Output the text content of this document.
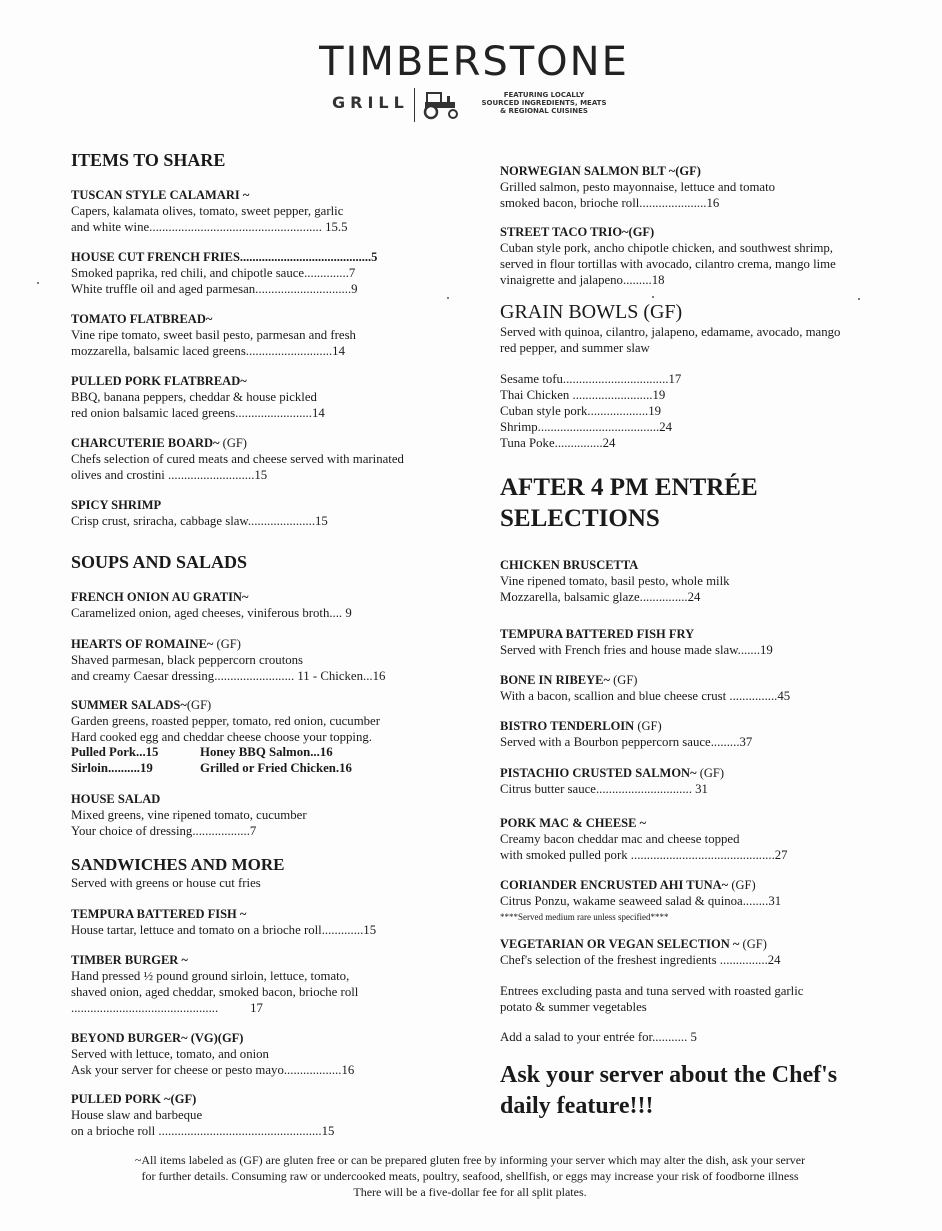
TIMBERSTONE
GRILL	FEATURING LOCALLY
SOURCED INGREDIENTS, MEATS
& REGIONAL CUISINES
ITEMS TO SHARE
TUSCAN STYLE CALAMARI ~
Capers, kalamata olives, tomato, sweet pepper, garlic
and white wine...................................................... 15.5
HOUSE CUT FRENCH FRIES..........................................5
Smoked paprika, red chili, and chipotle sauce..............7
White truffle oil and aged parmesan..............................9
TOMATO FLATBREAD~
Vine ripe tomato, sweet basil pesto, parmesan and fresh
mozzarella, balsamic laced greens...........................14
PULLED PORK FLATBREAD~
BBQ, banana peppers, cheddar & house pickled
red onion balsamic laced greens........................14
CHARCUTERIE BOARD~ (GF)
Chefs selection of cured meats and cheese served with marinated
olives and crostini ...........................15
SPICY SHRIMP
Crisp crust, sriracha, cabbage slaw.....................15
SOUPS AND SALADS
FRENCH ONION AU GRATIN~
Caramelized onion, aged cheeses, viniferous broth.... 9
HEARTS OF ROMAINE~ (GF)
Shaved parmesan, black peppercorn croutons
and creamy Caesar dressing......................... 11 - Chicken...16
SUMMER SALADS~(GF)
Garden greens, roasted pepper, tomato, red onion, cucumber
Hard cooked egg and cheddar cheese choose your topping.
Pulled Pork...15	Honey BBQ Salmon...16
Sirloin..........19	Grilled or Fried Chicken.16
HOUSE SALAD
Mixed greens, vine ripened tomato, cucumber
Your choice of dressing..................7
SANDWICHES AND MORE
Served with greens or house cut fries
TEMPURA BATTERED FISH ~
House tartar, lettuce and tomato on a brioche roll.............15
TIMBER BURGER ~
Hand pressed ½ pound ground sirloin, lettuce, tomato,
shaved onion, aged cheddar, smoked bacon, brioche roll
..............................................          17
BEYOND BURGER~ (VG)(GF)
Served with lettuce, tomato, and onion
Ask your server for cheese or pesto mayo..................16
PULLED PORK ~(GF)
House slaw and barbeque
on a brioche roll ...................................................15
NORWEGIAN SALMON BLT ~(GF)
Grilled salmon, pesto mayonnaise, lettuce and tomato
smoked bacon, brioche roll.....................16
STREET TACO TRIO~(GF)
Cuban style pork, ancho chipotle chicken, and southwest shrimp,
served in flour tortillas with avocado, cilantro crema, mango lime
vinaigrette and jalapeno.........18
GRAIN BOWLS (GF)
Served with quinoa, cilantro, jalapeno, edamame, avocado, mango
red pepper, and summer slaw
Sesame tofu.................................17
Thai Chicken .........................19
Cuban style pork...................19
Shrimp......................................24
Tuna Poke...............24
AFTER 4 PM ENTRÉE SELECTIONS
CHICKEN BRUSCETTA
Vine ripened tomato, basil pesto, whole milk
Mozzarella, balsamic glaze...............24
TEMPURA BATTERED FISH FRY
Served with French fries and house made slaw.......19
BONE IN RIBEYE~ (GF)
With a bacon, scallion and blue cheese crust ...............45
BISTRO TENDERLOIN (GF)
Served with a Bourbon peppercorn sauce.........37
PISTACHIO CRUSTED SALMON~ (GF)
Citrus butter sauce.............................. 31
PORK MAC & CHEESE ~
Creamy bacon cheddar mac and cheese topped
with smoked pulled pork .............................................27
CORIANDER ENCRUSTED AHI TUNA~ (GF)
Citrus Ponzu, wakame seaweed salad & quinoa........31
****Served medium rare unless specified****
VEGETARIAN OR VEGAN SELECTION ~ (GF)
Chef's selection of the freshest ingredients ...............24
Entrees excluding pasta and tuna served with roasted garlic
potato & summer vegetables
Add a salad to your entrée for........... 5
Ask your server about the Chef's daily feature!!!
~All items labeled as (GF) are gluten free or can be prepared gluten free by informing your server which may alter the dish, ask your server
for further details. Consuming raw or undercooked meats, poultry, seafood, shellfish, or eggs may increase your risk of foodborne illness
There will be a five-dollar fee for all split plates.
